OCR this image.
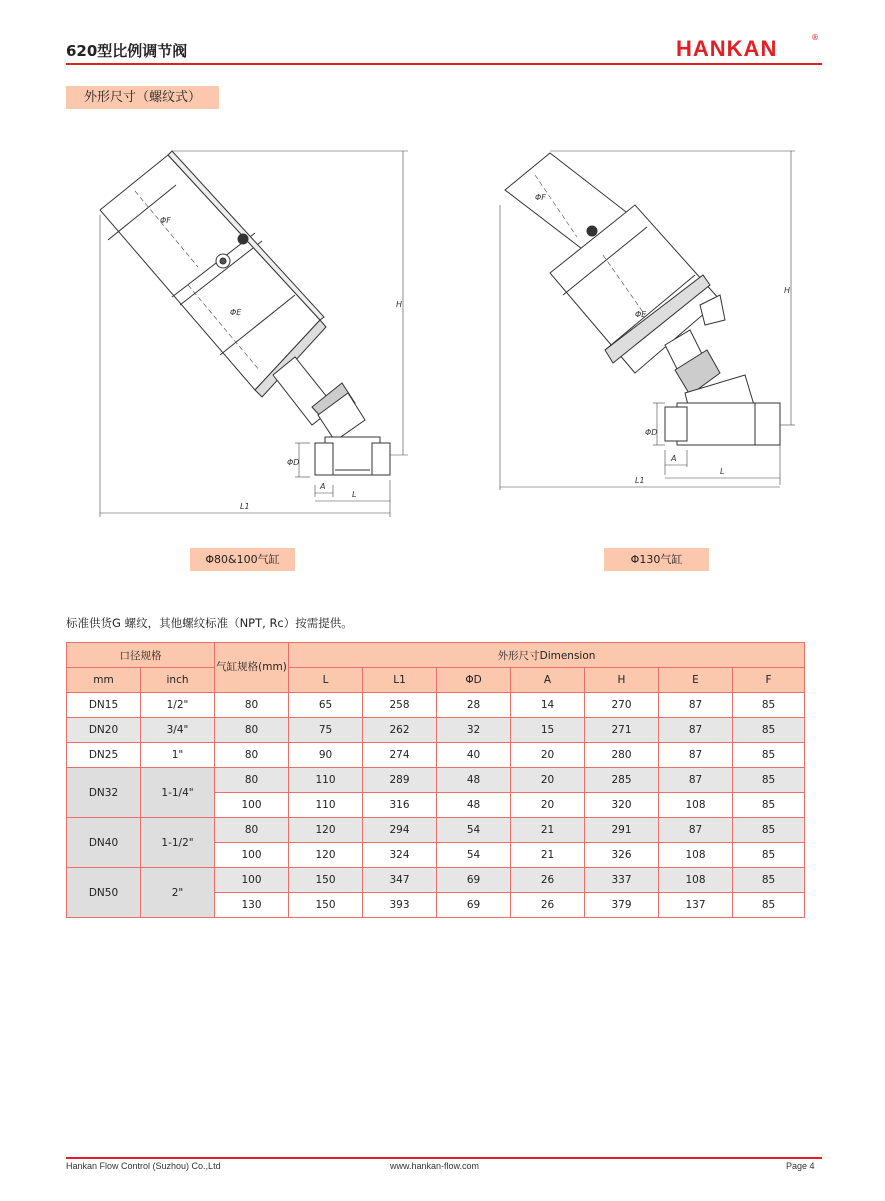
620型比例调节阀	HANKAN	®
外形尺寸（螺纹式）
ΦF
ΦE
H
ΦD
A
L
L1
ΦF
ΦE
H
ΦD
A
L
L1
Φ80&100气缸	Φ130气缸
标准供货G 螺纹，其他螺纹标准（NPT, Rc）按需提供。
口径规格		气缸规格(mm)	外形尺寸Dimension						
mm	inch		L	L1	ΦD	A	H	E	F
DN15	1/2"	80	65	258	28	14	270	87	85
DN20	3/4"	80	75	262	32	15	271	87	85
DN25	1"	80	90	274	40	20	280	87	85
DN32	1-1/4"	80	110	289	48	20	285	87	85
		100	110	316	48	20	320	108	85
DN40	1-1/2"	80	120	294	54	21	291	87	85
		100	120	324	54	21	326	108	85
DN50	2"	100	150	347	69	26	337	108	85
		130	150	393	69	26	379	137	85
Hankan Flow Control (Suzhou) Co.,Ltd	www.hankan-flow.com	Page 4
